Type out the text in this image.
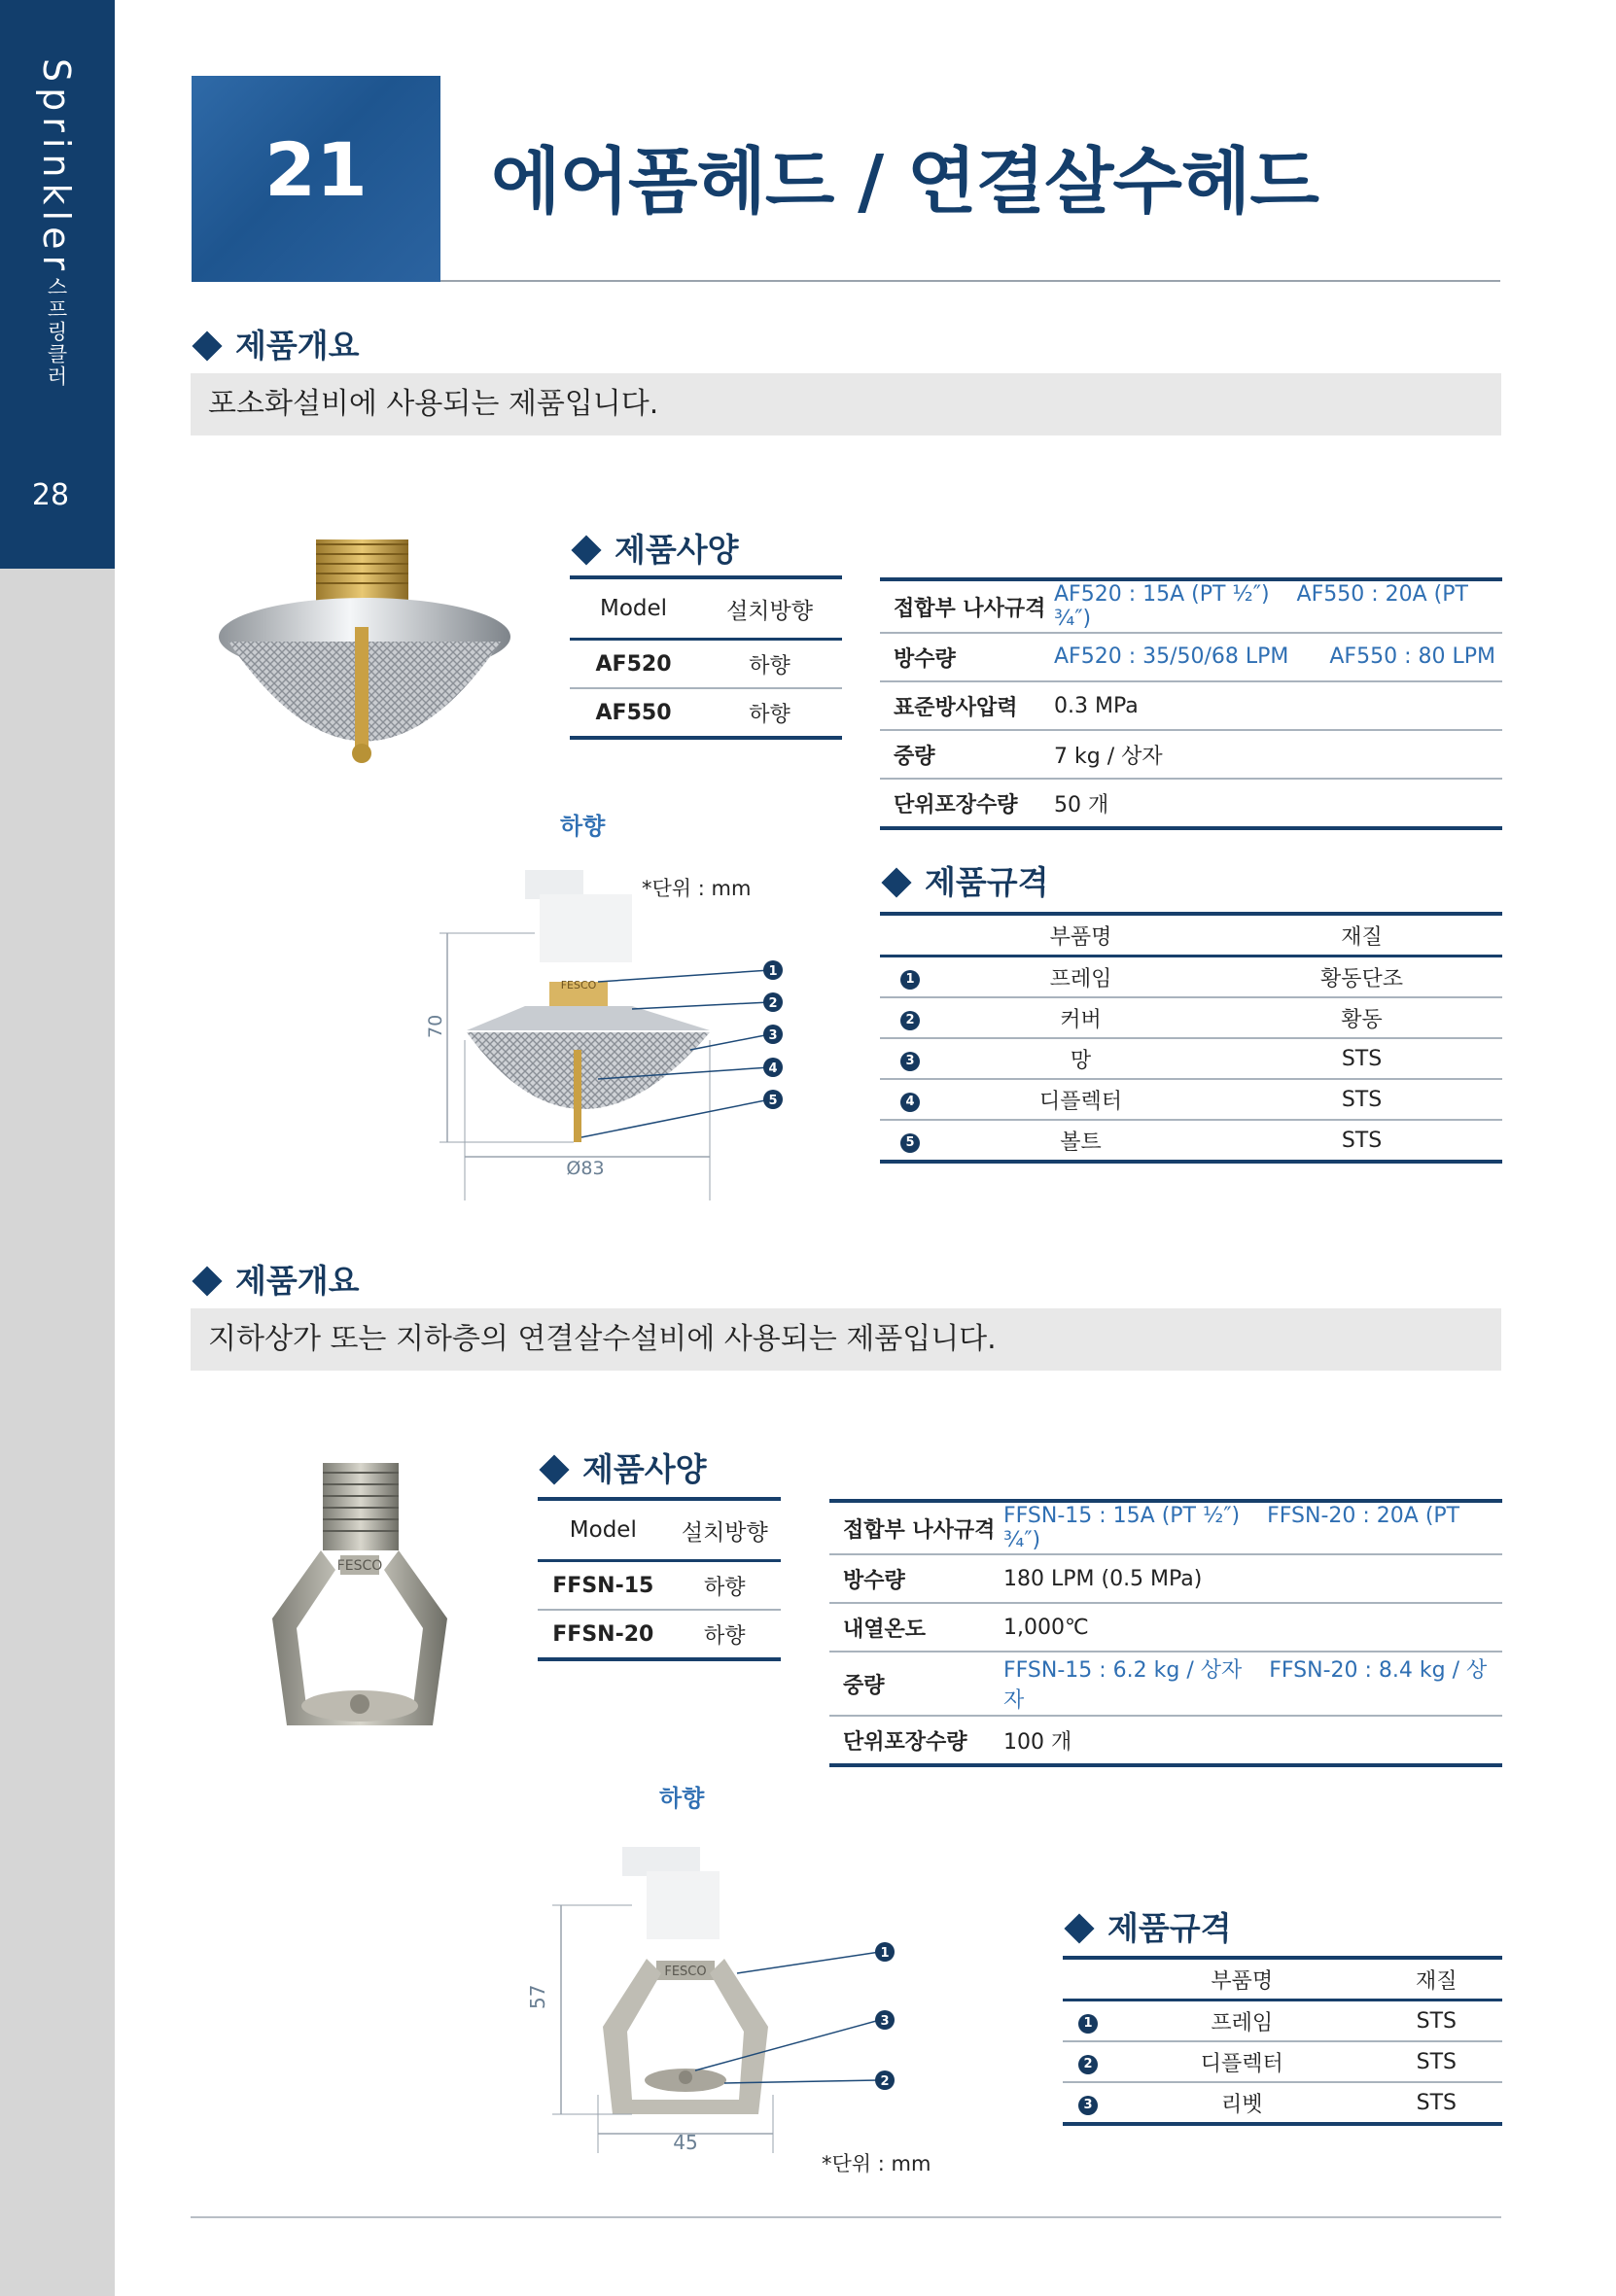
Sprinkler스프링클러
28
21	에어폼헤드 / 연결살수헤드
제품개요
포소화설비에 사용되는 제품입니다.
제품사양
Model	설치방향
AF520	하향
AF550	하향
접합부 나사규격	AF520 : 15A (PT ½″) AF550 : 20A (PT ¾″)
방수량	AF520 : 35/50/68 LPM AF550 : 80 LPM
표준방사압력	0.3 MPa
중량	7 kg / 상자
단위포장수량	50 개
하향
*단위 : mm
FESCO
70
Ø83
1
2
3
4
5
제품규격
	부품명	재질
1	프레임	황동단조
2	커버	황동
3	망	STS
4	디플렉터	STS
5	볼트	STS
제품개요
지하상가 또는 지하층의 연결살수설비에 사용되는 제품입니다.
FESCO
제품사양
Model	설치방향
FFSN-15	하향
FFSN-20	하향
접합부 나사규격	FFSN-15 : 15A (PT ½″) FFSN-20 : 20A (PT ¾″)
방수량	180 LPM (0.5 MPa)
내열온도	1,000℃
중량	FFSN-15 : 6.2 kg / 상자 FFSN-20 : 8.4 kg / 상자
단위포장수량	100 개
하향
FESCO
57
45
1
3
2
*단위 : mm
제품규격
	부품명	재질
1	프레임	STS
2	디플렉터	STS
3	리벳	STS
